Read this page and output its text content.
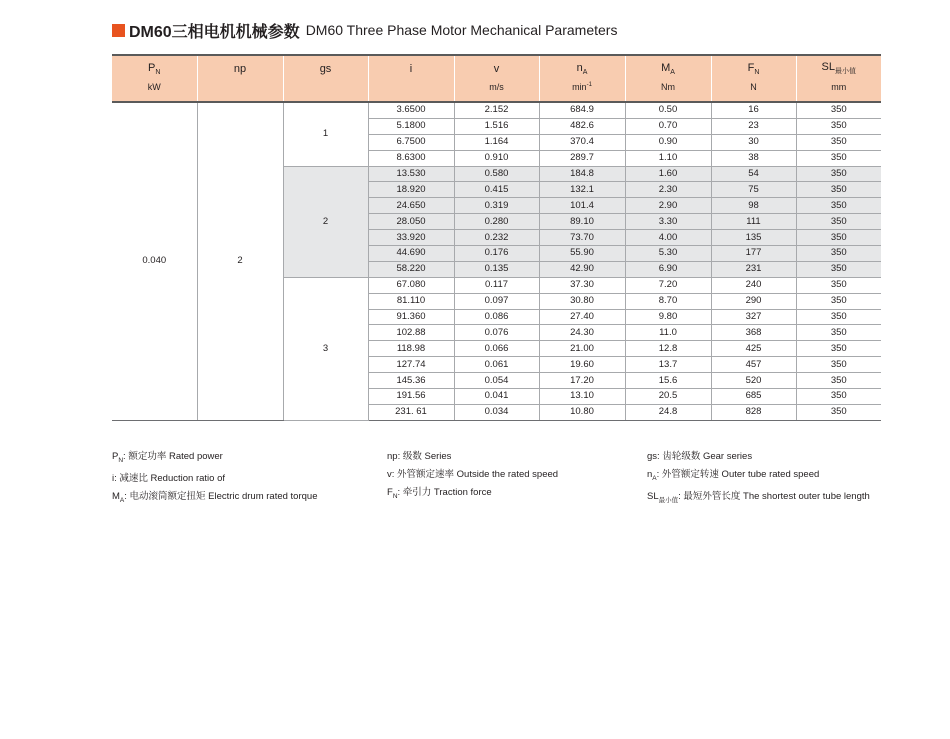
DM60三相电机机械参数 DM60 Three Phase Motor Mechanical Parameters
$P_N$	np	gs	i	v	$n_A$	$M_A$	$F_N$	$SL_{最小值}$
kW				m/s	$\min^{-1}$	Nm	N	mm
0.040	2	1	3.6500	2.152	684.9	0.50	16	350
			5.1800	1.516	482.6	0.70	23	350
			6.7500	1.164	370.4	0.90	30	350
			8.6300	0.910	289.7	1.10	38	350
		2	13.530	0.580	184.8	1.60	54	350
			18.920	0.415	132.1	2.30	75	350
			24.650	0.319	101.4	2.90	98	350
			28.050	0.280	89.10	3.30	111	350
			33.920	0.232	73.70	4.00	135	350
			44.690	0.176	55.90	5.30	177	350
			58.220	0.135	42.90	6.90	231	350
		3	67.080	0.117	37.30	7.20	240	350
			81.110	0.097	30.80	8.70	290	350
			91.360	0.086	27.40	9.80	327	350
			102.88	0.076	24.30	11.0	368	350
			118.98	0.066	21.00	12.8	425	350
			127.74	0.061	19.60	13.7	457	350
			145.36	0.054	17.20	15.6	520	350
			191.56	0.041	13.10	20.5	685	350
			231. 61	0.034	10.80	24.8	828	350
$P_N$: 额定功率 Rated power
i: 减速比 Reduction ratio of
$M_A$: 电动滚筒额定扭矩 Electric drum rated torque
np: 级数 Series
v: 外管额定速率 Outside the rated speed
$F_N$: 牵引力 Traction force
gs: 齿轮级数 Gear series
$n_A$: 外管额定转速 Outer tube rated speed
$SL_{最小值}$: 最短外管长度 The shortest outer tube length
